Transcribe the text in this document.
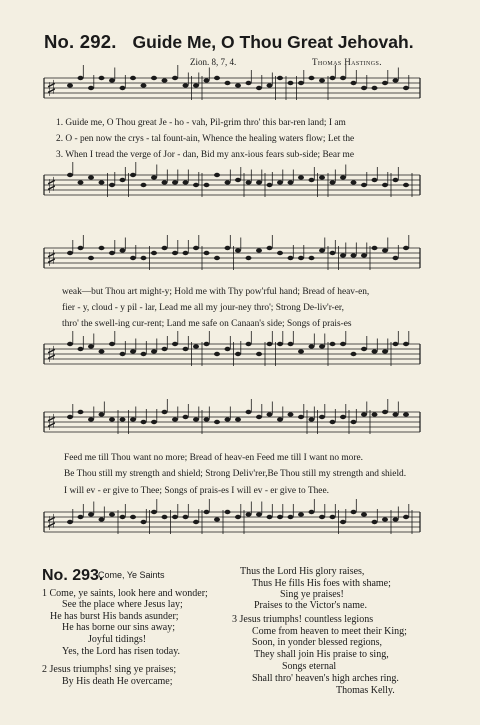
No. 292. Guide Me, O Thou Great Jehovah.
Zion. 8, 7, 4.	Thomas Hastings.
♯
♯
♯
♯
♯
♯
1. Guide me, O Thou great Je - ho - vah, Pil-grim thro' this bar-ren land; I am
2. O - pen now the crys - tal fount-ain, Whence the healing waters flow; Let the
3. When I tread the verge of Jor - dan, Bid my anx-ious fears sub-side; Bear me
weak—but Thou art might-y; Hold me with Thy pow'rful hand; Bread of heav-en,
fier - y, cloud - y pil - lar, Lead me all my jour-ney thro'; Strong De-liv'r-er,
thro' the swell-ing cur-rent; Land me safe on Canaan's side; Songs of prais-es
Feed me till Thou want no more; Bread of heav-en Feed me till I want no more.
Be Thou still my strength and shield; Strong Deliv'rer,Be Thou still my strength and shield.
I will ev - er give to Thee; Songs of prais-es I will ev - er give to Thee.
No. 293.
Come, Ye Saints
1 Come, ye saints, look here and wonder;
See the place where Jesus lay;
He has burst His bands asunder;
He has borne our sins away;
Joyful tidings!
Yes, the Lord has risen today.
2 Jesus triumphs! sing ye praises;
By His death He overcame;
Thus the Lord His glory raises,
Thus He fills His foes with shame;
Sing ye praises!
Praises to the Victor's name.
3 Jesus triumphs! countless legions
Come from heaven to meet their King;
Soon, in yonder blessed regions,
They shall join His praise to sing,
Songs eternal
Shall thro' heaven's high arches ring.
Thomas Kelly.
